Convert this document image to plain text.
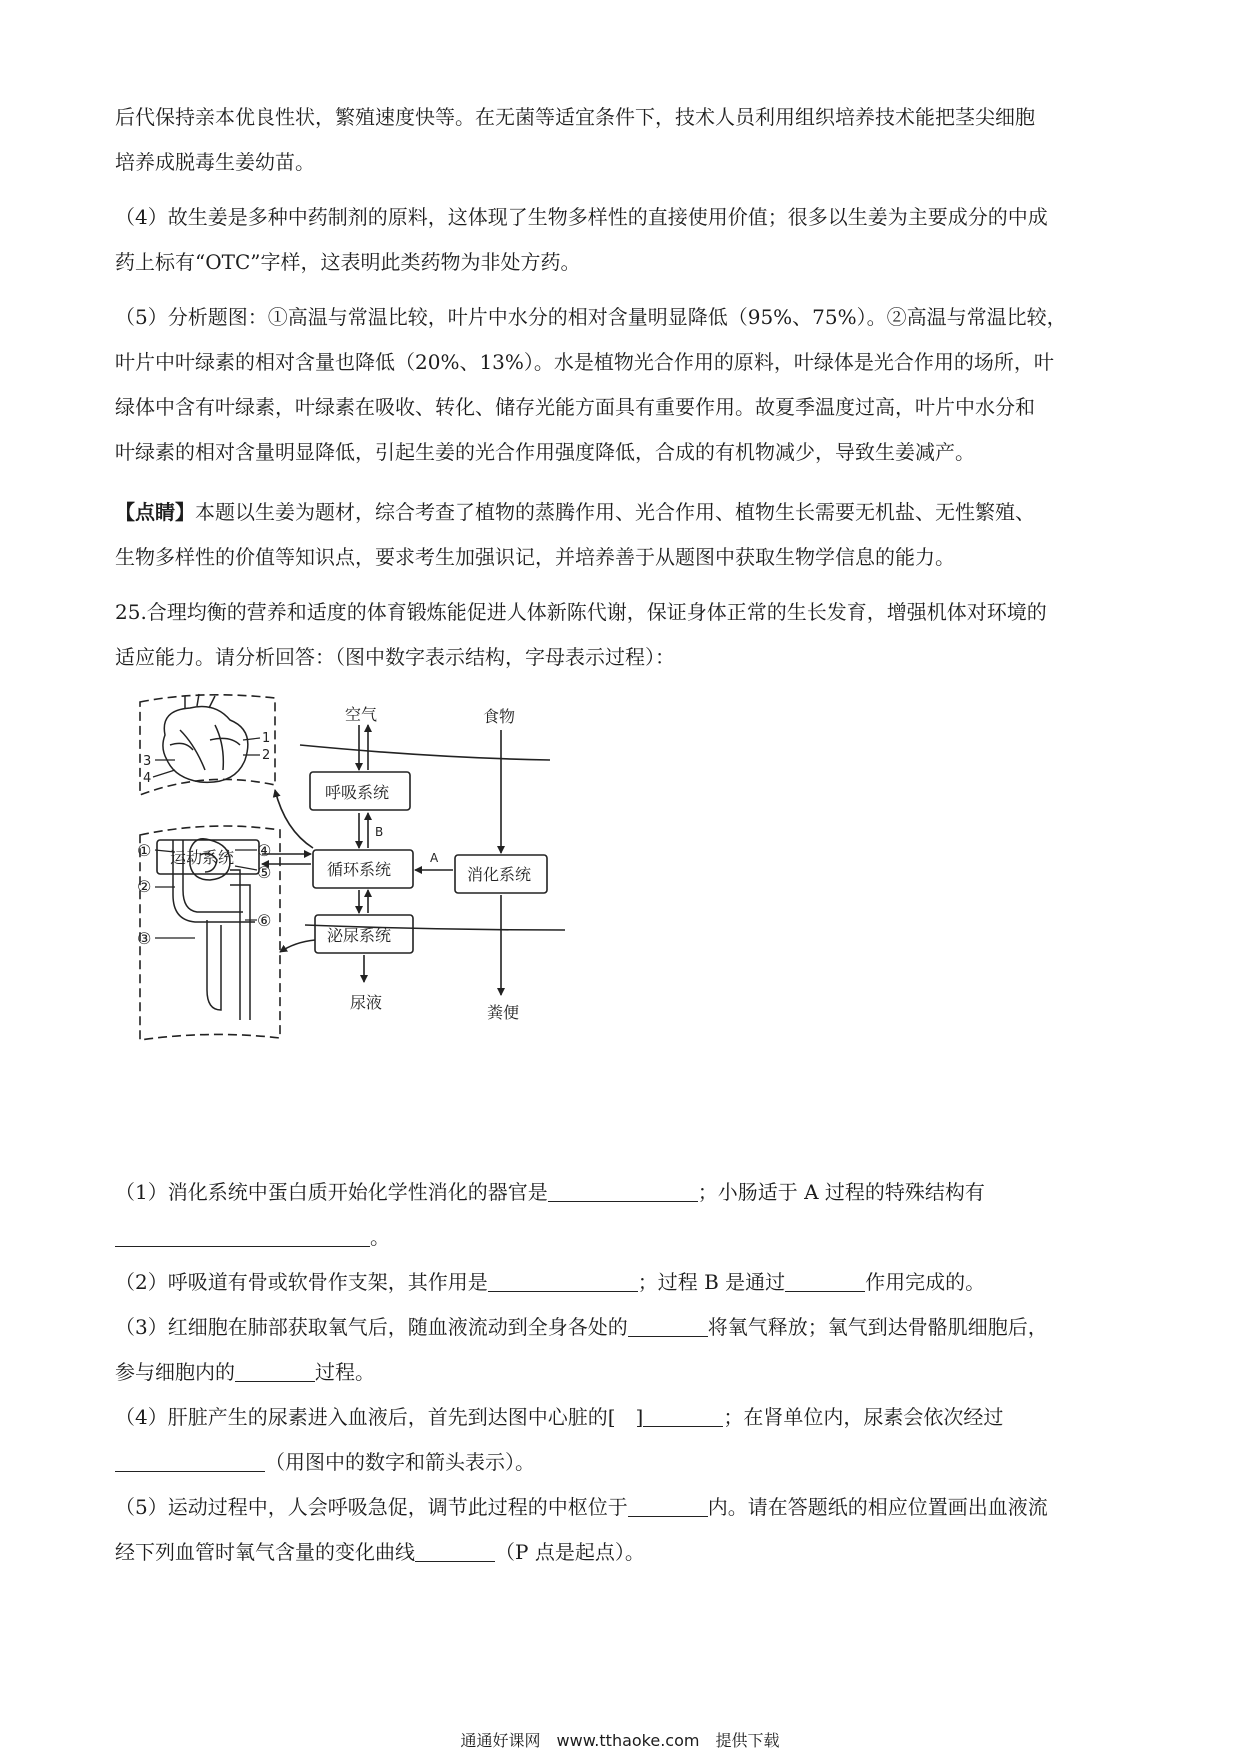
后代保持亲本优良性状，繁殖速度快等。在无菌等适宜条件下，技术人员利用组织培养技术能把茎尖细胞

培养成脱毒生姜幼苗。

（4）故生姜是多种中药制剂的原料，这体现了生物多样性的直接使用价值；很多以生姜为主要成分的中成

药上标有“OTC”字样，这表明此类药物为非处方药。

（5）分析题图：①高温与常温比较，叶片中水分的相对含量明显降低（95%、75%）。②高温与常温比较，

叶片中叶绿素的相对含量也降低（20%、13%）。水是植物光合作用的原料，叶绿体是光合作用的场所，叶

绿体中含有叶绿素，叶绿素在吸收、转化、储存光能方面具有重要作用。故夏季温度过高，叶片中水分和

叶绿素的相对含量明显降低，引起生姜的光合作用强度降低，合成的有机物减少，导致生姜减产。

【点睛】本题以生姜为题材，综合考查了植物的蒸腾作用、光合作用、植物生长需要无机盐、无性繁殖、

生物多样性的价值等知识点，要求考生加强识记，并培养善于从题图中获取生物学信息的能力。

25.合理均衡的营养和适度的体育锻炼能促进人体新陈代谢，保证身体正常的生长发育，增强机体对环境的

适应能力。请分析回答：（图中数字表示结构，字母表示过程）：

1
2
3
4
①
②
③
④
⑤
⑥
空气	食物
呼吸系统
运动系统
循环系统	消化系统
泌尿系统
尿液
粪便
B
A

（1）消化系统中蛋白质开始化学性消化的器官是	；小肠适于 A 过程的特殊结构有

。

（2）呼吸道有骨或软骨作支架，其作用是	；过程 B 是通过	作用完成的。

（3）红细胞在肺部获取氧气后，随血液流动到全身各处的	将氧气释放；氧气到达骨骼肌细胞后，

参与细胞内的	过程。

（4）肝脏产生的尿素进入血液后，首先到达图中心脏的[　]	；在肾单位内，尿素会依次经过

（用图中的数字和箭头表示）。

（5）运动过程中，人会呼吸急促，调节此过程的中枢位于	内。请在答题纸的相应位置画出血液流

经下列血管时氧气含量的变化曲线	（P 点是起点）。

通通好课网　www.tthaoke.com　提供下载
